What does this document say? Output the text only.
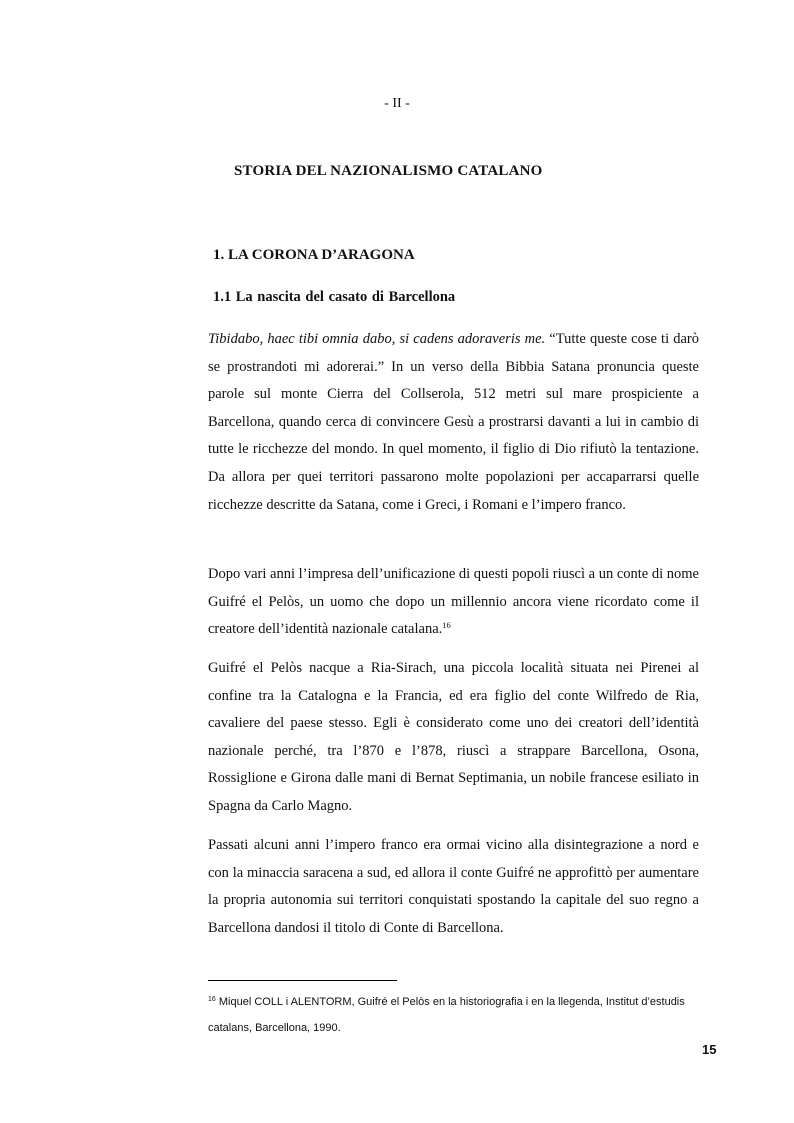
- II -
STORIA DEL NAZIONALISMO CATALANO
1. LA CORONA D’ARAGONA
1.1 La nascita del casato di Barcellona

Tibidabo, haec tibi omnia dabo, si cadens adoraveris me. “Tutte queste cose ti darò se prostrandoti mi adorerai.” In un verso della Bibbia Satana pronuncia queste parole sul monte Cierra del Collserola, 512 metri sul mare prospiciente a Barcellona, quando cerca di convincere Gesù a prostrarsi davanti a lui in cambio di tutte le ricchezze del mondo. In quel momento, il figlio di Dio rifiutò la tentazione. Da allora per quei territori passarono molte popolazioni per accaparrarsi quelle ricchezze descritte da Satana, come i Greci, i Romani e l’impero franco.

Dopo vari anni l’impresa dell’unificazione di questi popoli riuscì a un conte di nome Guifré el Pelòs, un uomo che dopo un millennio ancora viene ricordato come il creatore dell’identità nazionale catalana.$^{16}$

Guifré el Pelòs nacque a Ria-Sirach, una piccola località situata nei Pirenei al confine tra la Catalogna e la Francia, ed era figlio del conte Wilfredo de Ria, cavaliere del paese stesso. Egli è considerato come uno dei creatori dell’identità nazionale perché, tra l’870 e l’878, riuscì a strappare Barcellona, Osona, Rossiglione e Girona dalle mani di Bernat Septimania, un nobile francese esiliato in Spagna da Carlo Magno.

Passati alcuni anni l’impero franco era ormai vicino alla disintegrazione a nord e con la minaccia saracena a sud, ed allora il conte Guifré ne approfittò per aumentare la propria autonomia sui territori conquistati spostando la capitale del suo regno a Barcellona dandosi il titolo di Conte di Barcellona.

$^{16}$ Miquel COLL i ALENTORM, Guifré el Pelòs en la historiografia i en la llegenda, Institut d’estudis catalans, Barcellona, 1990.

15
